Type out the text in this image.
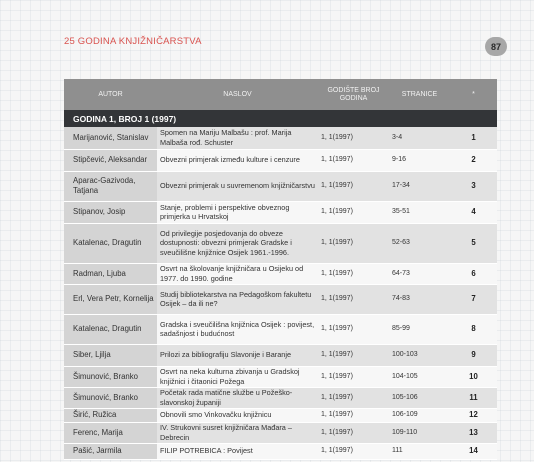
25 GODINA KNJIŽNIČARSTVA	87
AUTOR	NASLOV	GODIŠTE BROJ GODINA	STRANICE	*
GODINA 1, BROJ 1 (1997)				
Marijanović, Stanislav	Spomen na Mariju Malbašu : prof. Marija Malbaša rođ. Schuster	1, 1(1997)	3-4	1
Stipčević, Aleksandar	Obvezni primjerak između kulture i cenzure	1, 1(1997)	9-16	2
Aparac-Gazivoda, Tatjana	Obvezni primjerak u suvremenom knjižničarstvu	1, 1(1997)	17-34	3
Stipanov, Josip	Stanje, problemi i perspektive obveznog primjerka u Hrvatskoj	1, 1(1997)	35-51	4
Katalenac, Dragutin	Od privilegije posjedovanja do obveze dostupnosti: obvezni primjerak Gradske i sveučilišne knjižnice Osijek 1961.-1996.	1, 1(1997)	52-63	5
Radman, Ljuba	Osvrt na školovanje knjižničara u Osijeku od 1977. do 1990. godine	1, 1(1997)	64-73	6
Erl, Vera Petr, Kornelija	Studij bibliotekarstva na Pedagoškom fakultetu Osijek – da ili ne?	1, 1(1997)	74-83	7
Katalenac, Dragutin	Gradska i sveučilišna knjižnica Osijek : povijest, sadašnjost i budućnost	1, 1(1997)	85-99	8
Siber, Ljilja	Prilozi za bibliografiju Slavonije i Baranje	1, 1(1997)	100-103	9
Šimunović, Branko	Osvrt na neka kulturna zbivanja u Gradskoj knjižnici i čitaonici Požega	1, 1(1997)	104-105	10
Šimunović, Branko	Početak rada matične službe u Požeško-slavonskoj županiji	1, 1(1997)	105-106	11
Širić, Ružica	Obnovili smo Vinkovačku knjižnicu	1, 1(1997)	106-109	12
Ferenc, Marija	IV. Strukovni susret knjižničara Mađara – Debrecin	1, 1(1997)	109-110	13
Pašić, Jarmila	FILIP POTREBICA : Povijest	1, 1(1997)	111	14
